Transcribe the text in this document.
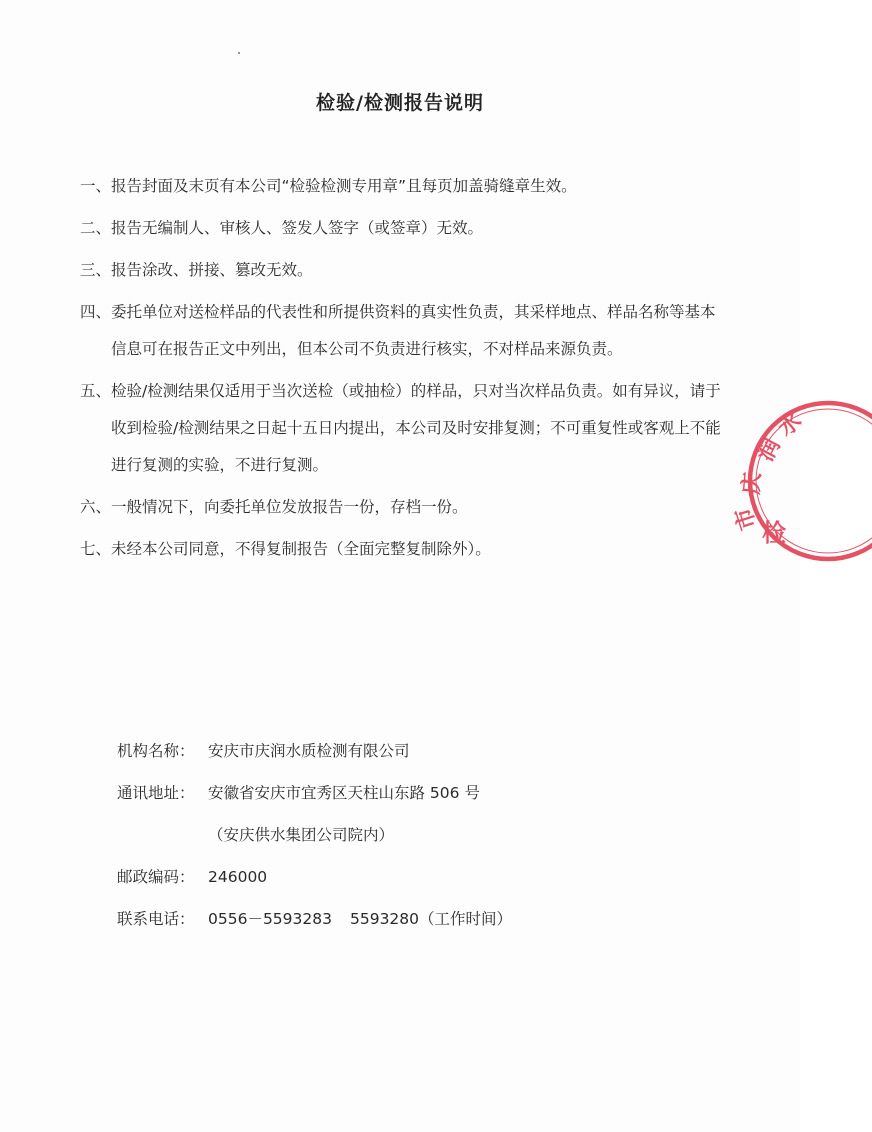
检验/检测报告说明
一、 报告封面及末页有本公司“检验检测专用章”且每页加盖骑缝章生效。
二、 报告无编制人、审核人、签发人签字（或签章）无效。
三、 报告涂改、拼接、篡改无效。
四、 委托单位对送检样品的代表性和所提供资料的真实性负责，其采样地点、样品名称等基本信息可在报告正文中列出，但本公司不负责进行核实，不对样品来源负责。
五、 检验/检测结果仅适用于当次送检（或抽检）的样品，只对当次样品负责。如有异议，请于收到检验/检测结果之日起十五日内提出，本公司及时安排复测；不可重复性或客观上不能进行复测的实验，不进行复测。
六、 一般情况下，向委托单位发放报告一份，存档一份。
七、 未经本公司同意，不得复制报告（全面完整复制除外）。
机构名称： 安庆市庆润水质检测有限公司
通讯地址： 安徽省安庆市宜秀区天柱山东路 506 号
（安庆供水集团公司院内）
邮政编码： 246000
联系电话： 0556－5593283 5593280（工作时间）
润
水
庆
市
检
